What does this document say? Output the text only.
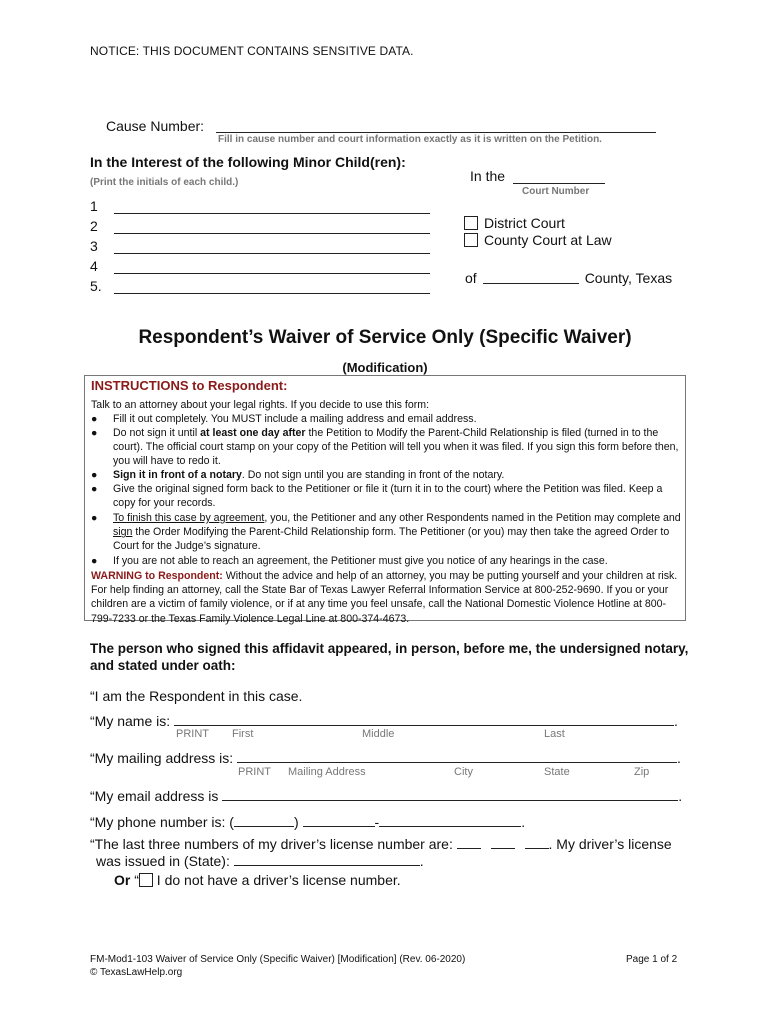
NOTICE: THIS DOCUMENT CONTAINS SENSITIVE DATA.
Cause Number:
Fill in cause number and court information exactly as it is written on the Petition.
In the Interest of the following Minor Child(ren):
(Print the initials of each child.)
1
2
3
4
5.
In the
Court Number
District Court
County Court at Law
of	County, Texas
Respondent’s Waiver of Service Only (Specific Waiver)
(Modification)
INSTRUCTIONS to Respondent:
Talk to an attorney about your legal rights. If you decide to use this form:
●	Fill it out completely. You MUST include a mailing address and email address.
●	Do not sign it until at least one day after the Petition to Modify the Parent-Child Relationship is filed (turned in to the court). The official court stamp on your copy of the Petition will tell you when it was filed. If you sign this form before then, you will have to redo it.
●	Sign it in front of a notary. Do not sign until you are standing in front of the notary.
●	Give the original signed form back to the Petitioner or file it (turn it in to the court) where the Petition was filed. Keep a copy for your records.
●	To finish this case by agreement, you, the Petitioner and any other Respondents named in the Petition may complete and sign the Order Modifying the Parent-Child Relationship form. The Petitioner (or you) may then take the agreed Order to Court for the Judge’s signature.
●	If you are not able to reach an agreement, the Petitioner must give you notice of any hearings in the case.
WARNING to Respondent: Without the advice and help of an attorney, you may be putting yourself and your children at risk. For help finding an attorney, call the State Bar of Texas Lawyer Referral Information Service at 800-252-9690. If you or your children are a victim of family violence, or if at any time you feel unsafe, call the National Domestic Violence Hotline at 800-799-7233 or the Texas Family Violence Legal Line at 800-374-4673.
The person who signed this affidavit appeared, in person, before me, the undersigned notary, and stated under oath:
“I am the Respondent in this case.
“My name is:	.
PRINT First	Middle	Last
“My mailing address is:	.
PRINT Mailing Address	City	State	Zip
“My email address is	.
“My phone number is: (	)	-	.
“The last three numbers of my driver’s license number are:	. My driver’s license
was issued in (State):	.
Or “ I do not have a driver’s license number.
FM-Mod1-103 Waiver of Service Only (Specific Waiver) [Modification] (Rev. 06-2020)
© TexasLawHelp.org
Page 1 of 2
